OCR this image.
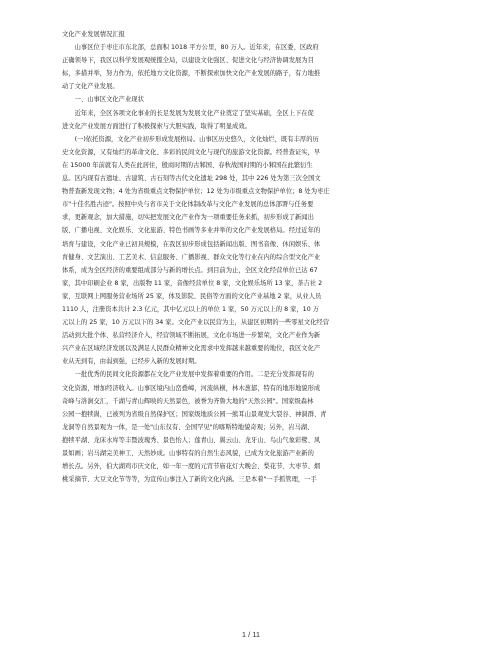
文化产业发展情况汇报
　　山事区位于枣庄市东北部，总面积 1018 平方公里，80 万人。近年来，在区委、区政府
正确领导下，我区以科学发展观统揽全局，以建设文化强区、促进文化与经济协调发展为目
标，多措并举，努力作为，依托地方文化资源，不断探索加快文化产业发展的路子，有力地推
动了文化产业发展。
　　一、山事区文化产业现状
　　近年来，全区各项文化事业的长足发展为发展文化产业奠定了坚实基础，全区上下在促
进文化产业发展方面进行了积极探索与大胆实践，取得了明显成效。
　　(一)依托资源，文化产业初步形成发展格局。山事区历史悠久，文化灿烂，既有丰厚的历
史文化资源，又有灿烂的革命文化、多彩的民间文化与现代的旅游文化资源。经普查证实，早
在 15000 年前就有人类在此居住，殷商时期的古邾国、春秋战国时期的小邾国在此繁衍生
息。区内现有古遗址、古建筑、古石刻等古代文化遗址 298 处，其中 226 处为第三次全国文
物普查新发现文物；4 处为省级重点文物保护单位；12 处为市级重点文物保护单位；8 处为枣庄
市"十佳名胜古迹"。按照中央与省市关于文化体制改革与文化产业发展的总体部署与任务要
求，更新观念，加大措施，切实把发展文化产业作为一项重要任务来抓，初步形成了新闻出
版、广播电视、文化娱乐、文化旅游、特色书画等多业并举的文化产业发展格局。经过近年的
培育与建设，文化产业已初具规模，在我区初步形成包括新闻出版、图书音像、休闲娱乐、体
育健身、文艺演出、工艺美术、信息服务、广播影视、群众文化等行业在内的综合型文化产业
体系，成为全区经济的重要组成部分与新的增长点。到目前为止，全区文化经营单位已达 67
家，其中印刷企业 8 家，出版物 11 家，音像经营单位 8 家，文化娱乐场所 13 家，茶吉社 2
家，互联网上网服务营业场所 25 家，体及影院、民俗等方面的文化产业基地 2 家，从业人员
1110 人，注册资本共计 2.3 亿元，其中亿元以上的单位 1 家，50 万元以上的 8 家，10 万
元以上的 25 家，10 万元以下的 34 家。文化产业以民营为主，从建区初期的一些零星文化经营
活动到大批个体、私营经济介入，经营领域不断拓展，文化市场进一步繁荣，文化产业作为新
兴产业在区域经济发展以及满足人民群众精神文化需求中发挥越来越重要的地位，我区文化产
业从无到有，由弱到强，已经步入新的发展时期。
　　一批优秀的民间文化资源都在文化产业发展中发挥着重要的作用。二是充分发挥现有的
文化资源，增加经济收入。山事区境内山峦叠嶂，河流纵横，林木葱郁，特有的地形地貌形成
奇峰与洛涧交汇，千湖与青山辉映的天然景色，被誉为齐鲁大地的"天然公园"。国家级森林
公园一抱犊崮，已被列为省级自然保护区；国家级地质公园一熊耳山景观发大裂谷、神洞群、青
龙洞等自然景观为一体，是一处"山东仅有、全国罕见"的喀斯特地貌奇观；另外，岩马湖、
抱犊平湖、龙床水库等丰暨波瑰秀、景色怡人；莲青山、翼云山、龙牙山、鸟山气象彩鹭、风
景如画；岩马湖完美神工、天然妙成。山事特有的自然生态风貌，已成为文化旅游产业新的
增长点。另外，伯大湖鸡市庆文化，如一年一度的元宵节庙花灯大晚会、梨花节、大枣节、烟
桃采摘节、大豆文化节等等，为宣传山事注入了新的文化内涵。三是本着"一手抓管理，一手
1 / 11
